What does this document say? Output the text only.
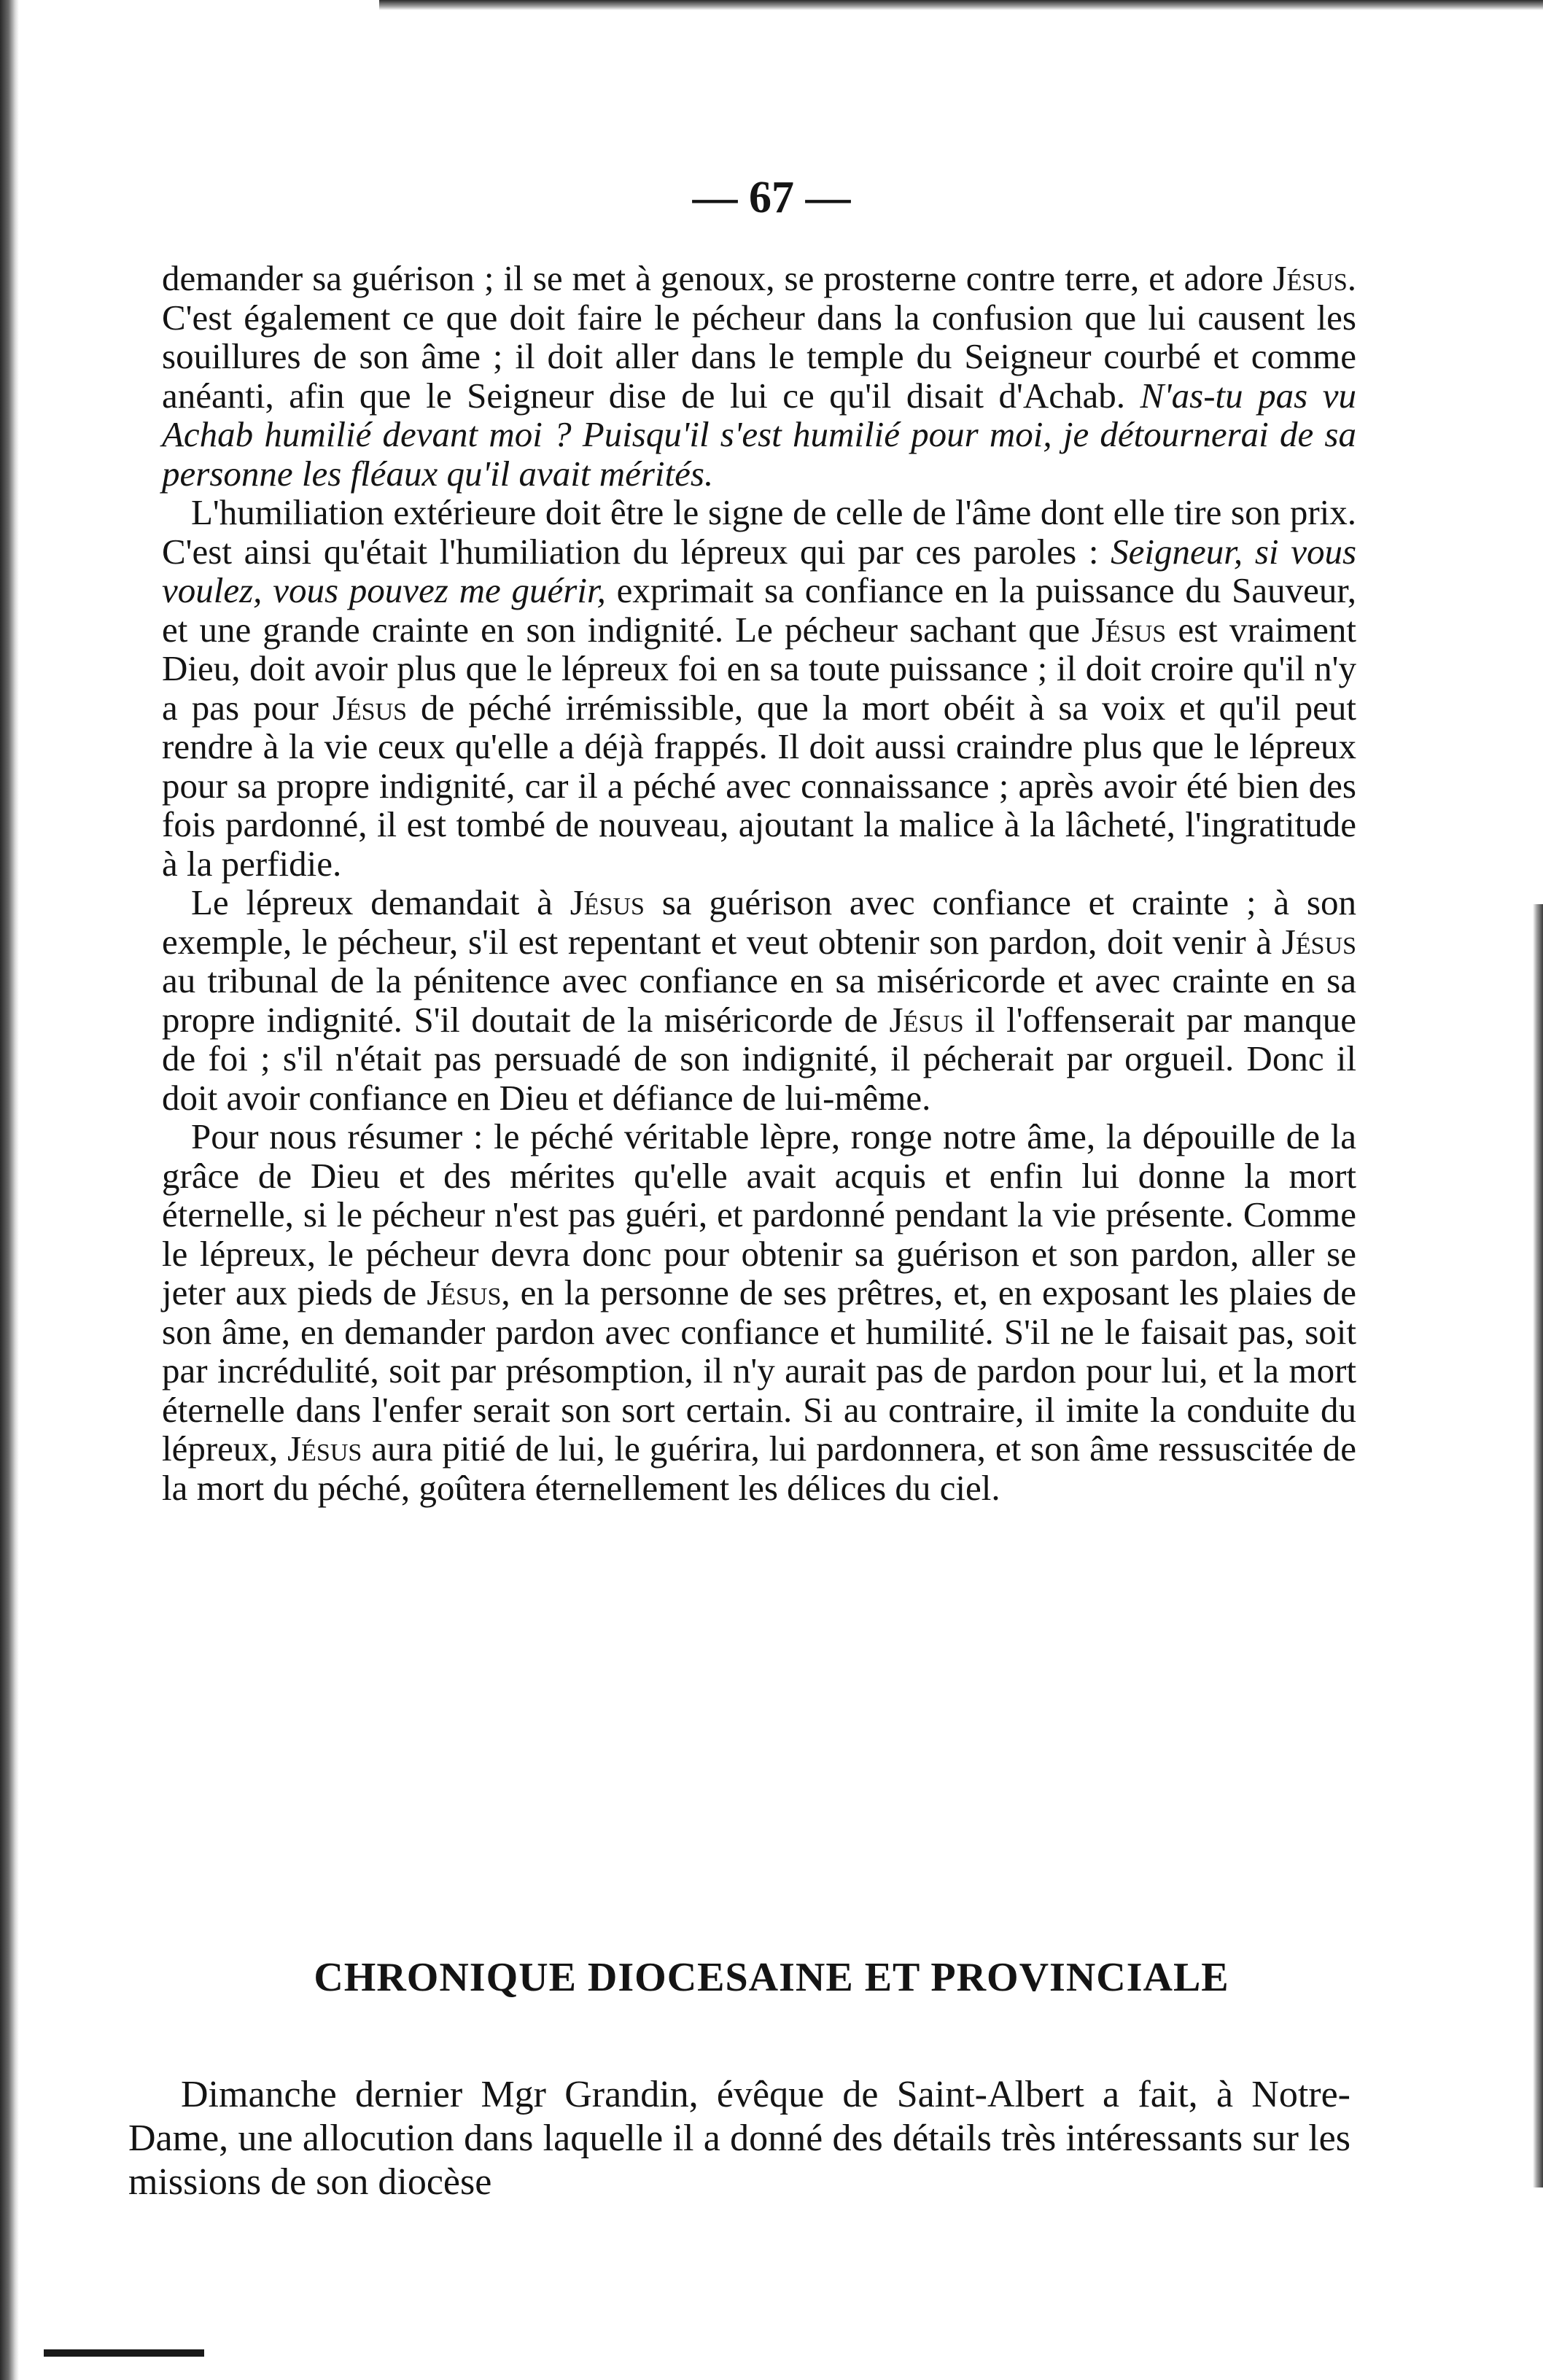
— 67 —

demander sa guérison ; il se met à genoux, se prosterne contre terre, et adore Jésus. C'est également ce que doit faire le pécheur dans la confusion que lui causent les souillures de son âme ; il doit aller dans le temple du Seigneur courbé et comme anéanti, afin que le Seigneur dise de lui ce qu'il disait d'Achab. N'as-tu pas vu Achab humilié devant moi ? Puisqu'il s'est humilié pour moi, je détournerai de sa personne les fléaux qu'il avait mérités.

L'humiliation extérieure doit être le signe de celle de l'âme dont elle tire son prix. C'est ainsi qu'était l'humiliation du lépreux qui par ces paroles : Seigneur, si vous voulez, vous pouvez me guérir, exprimait sa confiance en la puissance du Sauveur, et une grande crainte en son indignité. Le pécheur sachant que Jésus est vraiment Dieu, doit avoir plus que le lépreux foi en sa toute puissance ; il doit croire qu'il n'y a pas pour Jésus de péché irrémissible, que la mort obéit à sa voix et qu'il peut rendre à la vie ceux qu'elle a déjà frappés. Il doit aussi craindre plus que le lépreux pour sa propre indignité, car il a péché avec connaissance ; après avoir été bien des fois pardonné, il est tombé de nouveau, ajoutant la malice à la lâcheté, l'ingratitude à la perfidie.

Le lépreux demandait à Jésus sa guérison avec confiance et crainte ; à son exemple, le pécheur, s'il est repentant et veut obtenir son pardon, doit venir à Jésus au tribunal de la pénitence avec confiance en sa miséricorde et avec crainte en sa propre indignité. S'il doutait de la miséricorde de Jésus il l'offenserait par manque de foi ; s'il n'était pas persuadé de son indignité, il pécherait par orgueil. Donc il doit avoir confiance en Dieu et défiance de lui-même.

Pour nous résumer : le péché véritable lèpre, ronge notre âme, la dépouille de la grâce de Dieu et des mérites qu'elle avait acquis et enfin lui donne la mort éternelle, si le pécheur n'est pas guéri, et pardonné pendant la vie présente. Comme le lépreux, le pécheur devra donc pour obtenir sa guérison et son pardon, aller se jeter aux pieds de Jésus, en la personne de ses prêtres, et, en exposant les plaies de son âme, en demander pardon avec confiance et humilité. S'il ne le faisait pas, soit par incrédulité, soit par présomption, il n'y aurait pas de pardon pour lui, et la mort éternelle dans l'enfer serait son sort certain. Si au contraire, il imite la conduite du lépreux, Jésus aura pitié de lui, le guérira, lui pardonnera, et son âme ressuscitée de la mort du péché, goûtera éternellement les délices du ciel.

CHRONIQUE DIOCESAINE ET PROVINCIALE

Dimanche dernier Mgr Grandin, évêque de Saint-Albert a fait, à Notre-Dame, une allocution dans laquelle il a donné des détails très intéressants sur les missions de son diocèse
